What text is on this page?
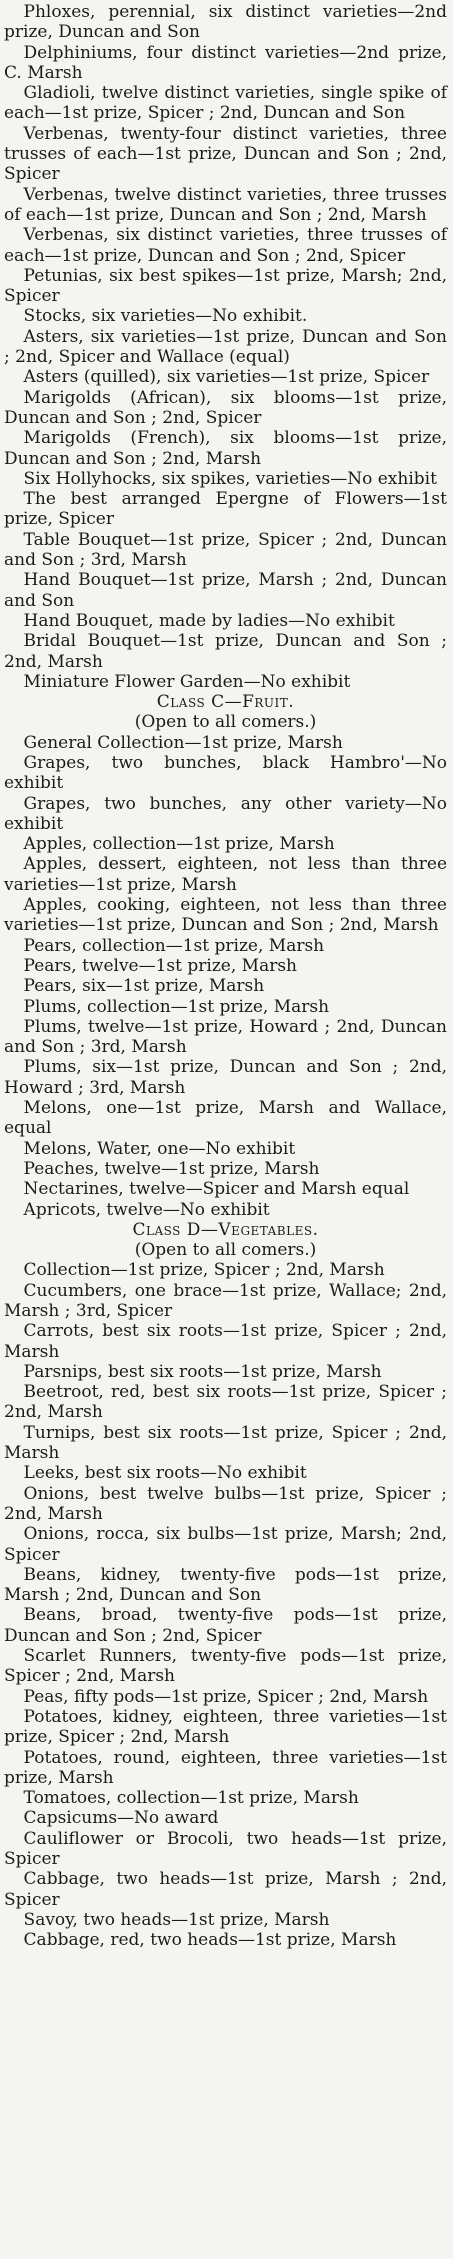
Phloxes, perennial, six distinct varieties—2nd prize, Duncan and Son

Delphiniums, four distinct varieties—2nd prize, C. Marsh

Gladioli, twelve distinct varieties, single spike of each—1st prize, Spicer ; 2nd, Duncan and Son

Verbenas, twenty-four distinct varieties, three trusses of each—1st prize, Duncan and Son ; 2nd, Spicer

Verbenas, twelve distinct varieties, three trusses of each—1st prize, Duncan and Son ; 2nd, Marsh

Verbenas, six distinct varieties, three trusses of each—1st prize, Duncan and Son ; 2nd, Spicer

Petunias, six best spikes—1st prize, Marsh; 2nd, Spicer

Stocks, six varieties—No exhibit.

Asters, six varieties—1st prize, Duncan and Son ; 2nd, Spicer and Wallace (equal)

Asters (quilled), six varieties—1st prize, Spicer

Marigolds (African), six blooms—1st prize, Duncan and Son ; 2nd, Spicer

Marigolds (French), six blooms—1st prize, Duncan and Son ; 2nd, Marsh

Six Hollyhocks, six spikes, varieties—No exhibit

The best arranged Epergne of Flowers—1st prize, Spicer

Table Bouquet—1st prize, Spicer ; 2nd, Duncan and Son ; 3rd, Marsh

Hand Bouquet—1st prize, Marsh ; 2nd, Duncan and Son

Hand Bouquet, made by ladies—No exhibit

Bridal Bouquet—1st prize, Duncan and Son ; 2nd, Marsh

Miniature Flower Garden—No exhibit

Class C—Fruit.

(Open to all comers.)

General Collection—1st prize, Marsh

Grapes, two bunches, black Hambro'—No exhibit

Grapes, two bunches, any other variety—No exhibit

Apples, collection—1st prize, Marsh

Apples, dessert, eighteen, not less than three varieties—1st prize, Marsh

Apples, cooking, eighteen, not less than three varieties—1st prize, Duncan and Son ; 2nd, Marsh

Pears, collection—1st prize, Marsh

Pears, twelve—1st prize, Marsh

Pears, six—1st prize, Marsh

Plums, collection—1st prize, Marsh

Plums, twelve—1st prize, Howard ; 2nd, Duncan and Son ; 3rd, Marsh

Plums, six—1st prize, Duncan and Son ; 2nd, Howard ; 3rd, Marsh

Melons, one—1st prize, Marsh and Wallace, equal

Melons, Water, one—No exhibit

Peaches, twelve—1st prize, Marsh

Nectarines, twelve—Spicer and Marsh equal

Apricots, twelve—No exhibit

Class D—Vegetables.

(Open to all comers.)

Collection—1st prize, Spicer ; 2nd, Marsh

Cucumbers, one brace—1st prize, Wallace; 2nd, Marsh ; 3rd, Spicer

Carrots, best six roots—1st prize, Spicer ; 2nd, Marsh

Parsnips, best six roots—1st prize, Marsh

Beetroot, red, best six roots—1st prize, Spicer ; 2nd, Marsh

Turnips, best six roots—1st prize, Spicer ; 2nd, Marsh

Leeks, best six roots—No exhibit

Onions, best twelve bulbs—1st prize, Spicer ; 2nd, Marsh

Onions, rocca, six bulbs—1st prize, Marsh; 2nd, Spicer

Beans, kidney, twenty-five pods—1st prize, Marsh ; 2nd, Duncan and Son

Beans, broad, twenty-five pods—1st prize, Duncan and Son ; 2nd, Spicer

Scarlet Runners, twenty-five pods—1st prize, Spicer ; 2nd, Marsh

Peas, fifty pods—1st prize, Spicer ; 2nd, Marsh

Potatoes, kidney, eighteen, three varieties—1st prize, Spicer ; 2nd, Marsh

Potatoes, round, eighteen, three varieties—1st prize, Marsh

Tomatoes, collection—1st prize, Marsh

Capsicums—No award

Cauliflower or Brocoli, two heads—1st prize, Spicer

Cabbage, two heads—1st prize, Marsh ; 2nd, Spicer

Savoy, two heads—1st prize, Marsh

Cabbage, red, two heads—1st prize, Marsh
